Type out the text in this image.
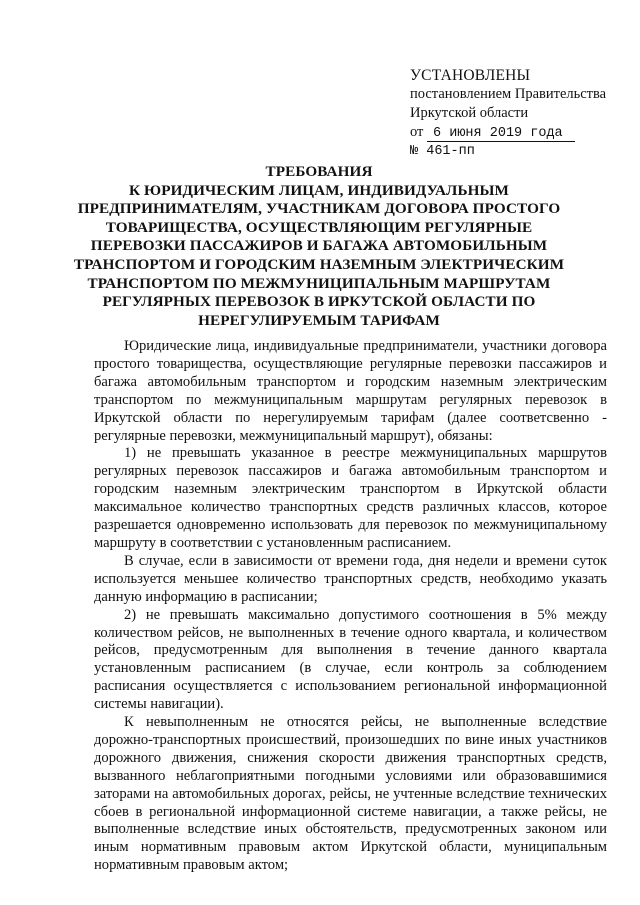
УСТАНОВЛЕНЫ
постановлением Правительства
Иркутской области
от 6 июня 2019 года
№ 461-пп
ТРЕБОВАНИЯ
К ЮРИДИЧЕСКИМ ЛИЦАМ, ИНДИВИДУАЛЬНЫМ
ПРЕДПРИНИМАТЕЛЯМ, УЧАСТНИКАМ ДОГОВОРА ПРОСТОГО
ТОВАРИЩЕСТВА, ОСУЩЕСТВЛЯЮЩИМ РЕГУЛЯРНЫЕ
ПЕРЕВОЗКИ ПАССАЖИРОВ И БАГАЖА АВТОМОБИЛЬНЫМ
ТРАНСПОРТОМ И ГОРОДСКИМ НАЗЕМНЫМ ЭЛЕКТРИЧЕСКИМ
ТРАНСПОРТОМ ПО МЕЖМУНИЦИПАЛЬНЫМ МАРШРУТАМ
РЕГУЛЯРНЫХ ПЕРЕВОЗОК В ИРКУТСКОЙ ОБЛАСТИ ПО
НЕРЕГУЛИРУЕМЫМ ТАРИФАМ

Юридические лица, индивидуальные предприниматели, участники договора простого товарищества, осуществляющие регулярные перевозки пассажиров и багажа автомобильным транспортом и городским наземным электрическим транспортом по межмуниципальным маршрутам регулярных перевозок в Иркутской области по нерегулируемым тарифам (далее соответсвенно - регулярные перевозки, межмуниципальный маршрут), обязаны:

1) не превышать указанное в реестре межмуниципальных маршрутов регулярных перевозок пассажиров и багажа автомобильным транспортом и городским наземным электрическим транспортом в Иркутской области максимальное количество транспортных средств различных классов, которое разрешается одновременно использовать для перевозок по межмуниципальному маршруту в соответствии с установленным расписанием.

В случае, если в зависимости от времени года, дня недели и времени суток используется меньшее количество транспортных средств, необходимо указать данную информацию в расписании;

2) не превышать максимально допустимого соотношения в 5% между количеством рейсов, не выполненных в течение одного квартала, и количеством рейсов, предусмотренным для выполнения в течение данного квартала установленным расписанием (в случае, если контроль за соблюдением расписания осуществляется с использованием региональной информационной системы навигации).

К невыполненным не относятся рейсы, не выполненные вследствие дорожно-транспортных происшествий, произошедших по вине иных участников дорожного движения, снижения скорости движения транспортных средств, вызванного неблагоприятными погодными условиями или образовавшимися заторами на автомобильных дорогах, рейсы, не учтенные вследствие технических сбоев в региональной информационной системе навигации, а также рейсы, не выполненные вследствие иных обстоятельств, предусмотренных законом или иным нормативным правовым актом Иркутской области, муниципальным нормативным правовым актом;
